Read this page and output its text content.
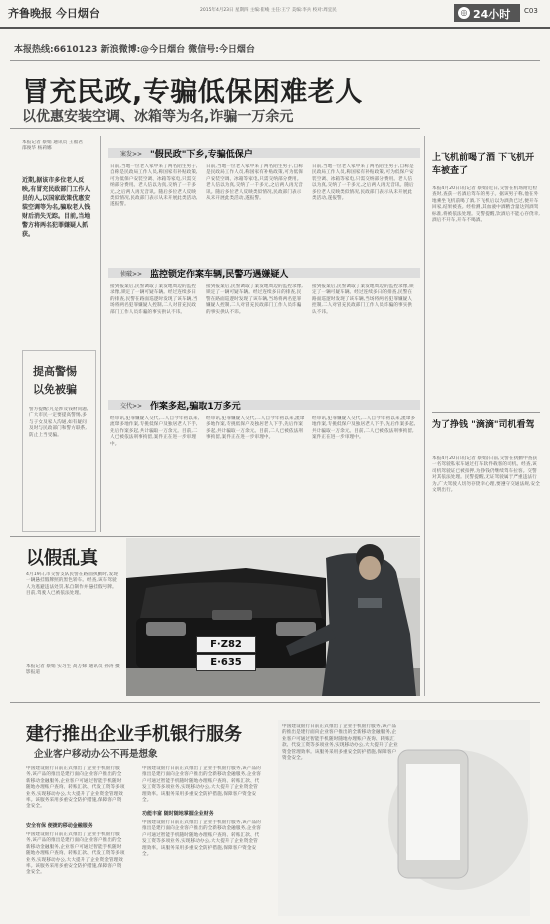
齐鲁晚报 今日烟台	2015年4月23日 星期四 主编:崔峻 主任:王宁 美编:李兵 校对:周宜民	◎ 24小时 C03
本报热线:6610123 新浪微博:@今日烟台 微信号:今日烟台
冒充民政,专骗低保困难老人
以优惠安装空调、冰箱等为名,诈骗一万余元
本报记者 蔡娟 通讯员 王福君 邵俊华 杨莉娜
近期,据该市多位老人反映,有冒充民政部门工作人员的人,以国家政策优惠安装空调等为名,骗取老人钱财后消失无踪。目前,当地警方将两名犯罪嫌疑人抓获。
提高警惕
以免被骗
警方提醒:凡是涉及钱财问题,广大市民一定要提高警惕,多与子女及家人沟通,如有疑问及时与民政部门和警方联系,防止上当受骗。
案发>> "假民政"下乡,专骗低保户
日前,当地一位老人家中来了两名陌生男子,自称是民政局工作人员,称国家有补贴政策,可为低保户安装空调、冰箱等家电,只需交纳部分费用。老人信以为真,交纳了一千多元,之后两人再无音讯。随后多位老人反映类似情况,民政部门表示从未开展此类活动,遂报警。
日前,当地一位老人家中来了两名陌生男子,自称是民政局工作人员,称国家有补贴政策,可为低保户安装空调、冰箱等家电,只需交纳部分费用。老人信以为真,交纳了一千多元,之后两人再无音讯。随后多位老人反映类似情况,民政部门表示从未开展此类活动,遂报警。
日前,当地一位老人家中来了两名陌生男子,自称是民政局工作人员,称国家有补贴政策,可为低保户安装空调、冰箱等家电,只需交纳部分费用。老人信以为真,交纳了一千多元,之后两人再无音讯。随后多位老人反映类似情况,民政部门表示从未开展此类活动,遂报警。
侦破>> 监控锁定作案车辆,民警巧遇嫌疑人
接到报案后,民警调取了案发地周边的监控录像,锁定了一辆可疑车辆。经过连续多日的排查,民警在路面巡逻时发现了该车辆,当场将两名犯罪嫌疑人控制,二人对冒充民政部门工作人员诈骗的事实供认不讳。
接到报案后,民警调取了案发地周边的监控录像,锁定了一辆可疑车辆。经过连续多日的排查,民警在路面巡逻时发现了该车辆,当场将两名犯罪嫌疑人控制,二人对冒充民政部门工作人员诈骗的事实供认不讳。
接到报案后,民警调取了案发地周边的监控录像,锁定了一辆可疑车辆。经过连续多日的排查,民警在路面巡逻时发现了该车辆,当场将两名犯罪嫌疑人控制,二人对冒充民政部门工作人员诈骗的事实供认不讳。
交代>> 作案多起,骗取1万多元
经审讯,犯罪嫌疑人交代,二人自今年初以来,流窜多地作案,专挑低保户及独居老人下手,先后作案多起,共计骗取一万余元。目前,二人已被依法刑事拘留,案件正在进一步审理中。
经审讯,犯罪嫌疑人交代,二人自今年初以来,流窜多地作案,专挑低保户及独居老人下手,先后作案多起,共计骗取一万余元。目前,二人已被依法刑事拘留,案件正在进一步审理中。
经审讯,犯罪嫌疑人交代,二人自今年初以来,流窜多地作案,专挑低保户及独居老人下手,先后作案多起,共计骗取一万余元。目前,二人已被依法刑事拘留,案件正在进一步审理中。
上飞机前喝了酒 下飞机开车被查了
本报4月20日讯(记者 蔡娟)近日,交警在机场附近检查时,查获一名酒后驾车的男子。据该男子称,他在外地乘坐飞机前喝了酒,下飞机后以为酒劲已过,便开车回家,结果被查。经检测,其血液中酒精含量达到酒驾标准,将被依法处理。交警提醒,饮酒后不能心存侥幸,酒后不开车,开车不喝酒。
为了挣钱 "滴滴"司机看驾
本报4月20日讯(记者 蔡娟)日前,交警在执勤中查获一名驾驶私家车通过打车软件载客的司机。经查,该司机驾驶证已被扣押,为挣钱仍继续驾车拉客。交警对其依法处理。民警提醒,无证驾驶属于严重违法行为,广大驾驶人切勿存侥幸心理,要遵守交通法规,安全文明出行。
以假乱真
4月19日,市交警支队民警在路面执勤时,发现一辆悬挂假牌照的黑色轿车。经查,该车驾驶人为逃避违法处罚,私自制作并悬挂假号牌。目前,驾驶人已被依法处理。
本报记者 蔡娟 实习生 高万娣 通讯员 孙涛 摄影报道
F·Z82
E·635
建行推出企业手机银行服务
企业客户移动办公不再是想象
中国建设银行日前正式推出了企业手机银行服务,该产品的推出是建行面向企业客户推出的全新移动金融服务,企业客户可通过智能手机随时随地办理账户查询、转账汇款、代发工资等多项业务,实现移动办公,大大提升了企业资金管理效率。该服务采用多重安全防护措施,保障客户资金安全。
安全有保 便捷的移动金融服务
中国建设银行日前正式推出了企业手机银行服务,该产品的推出是建行面向企业客户推出的全新移动金融服务,企业客户可通过智能手机随时随地办理账户查询、转账汇款、代发工资等多项业务,实现移动办公,大大提升了企业资金管理效率。该服务采用多重安全防护措施,保障客户资金安全。
中国建设银行日前正式推出了企业手机银行服务,该产品的推出是建行面向企业客户推出的全新移动金融服务,企业客户可通过智能手机随时随地办理账户查询、转账汇款、代发工资等多项业务,实现移动办公,大大提升了企业资金管理效率。该服务采用多重安全防护措施,保障客户资金安全。
功能丰富 随时随地掌握企业财务
中国建设银行日前正式推出了企业手机银行服务,该产品的推出是建行面向企业客户推出的全新移动金融服务,企业客户可通过智能手机随时随地办理账户查询、转账汇款、代发工资等多项业务,实现移动办公,大大提升了企业资金管理效率。该服务采用多重安全防护措施,保障客户资金安全。
中国建设银行日前正式推出了企业手机银行服务,该产品的推出是建行面向企业客户推出的全新移动金融服务,企业客户可通过智能手机随时随地办理账户查询、转账汇款、代发工资等多项业务,实现移动办公,大大提升了企业资金管理效率。该服务采用多重安全防护措施,保障客户资金安全。
